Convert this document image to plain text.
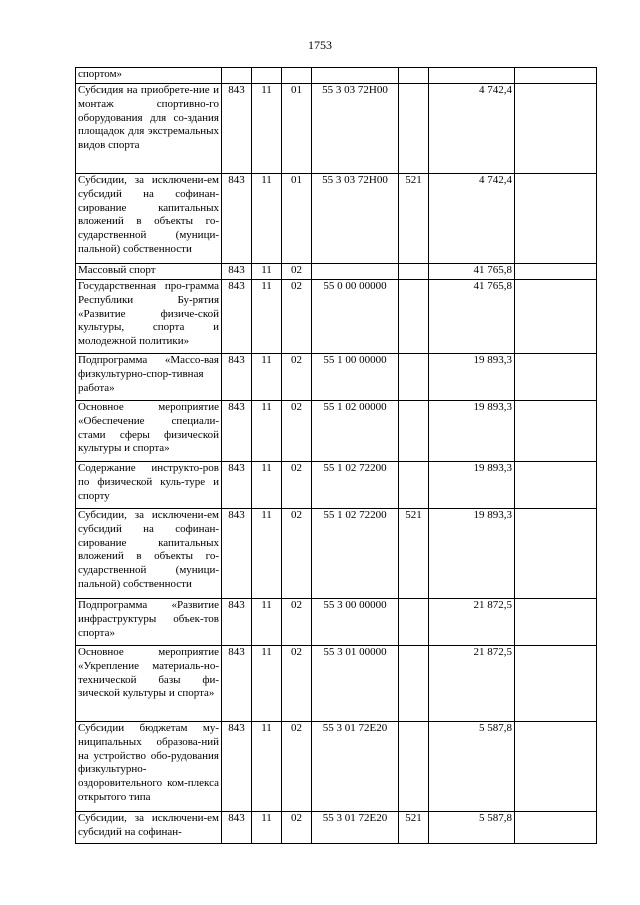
1753
спортом»							
Субсидия на приобрете-ние и монтаж спортивно-го оборудования для со-здания площадок для экстремальных видов спорта	843	11	01	55 3 03 72Н00		4 742,4	
Субсидии, за исключени-ем субсидий на софинан-сирование капитальных вложений в объекты го-сударственной (муници-пальной) собственности	843	11	01	55 3 03 72Н00	521	4 742,4	
Массовый спорт	843	11	02			41 765,8	
Государственная про-грамма Республики Бу-рятия «Развитие физиче-ской культуры, спорта и молодежной политики»	843	11	02	55 0 00 00000		41 765,8	
Подпрограмма «Массо-вая физкультурно-спор-тивная работа»	843	11	02	55 1 00 00000		19 893,3	
Основное мероприятие «Обеспечение специали-стами сферы физической культуры и спорта»	843	11	02	55 1 02 00000		19 893,3	
Содержание инструкто-ров по физической куль-туре и спорту	843	11	02	55 1 02 72200		19 893,3	
Субсидии, за исключени-ем субсидий на софинан-сирование капитальных вложений в объекты го-сударственной (муници-пальной) собственности	843	11	02	55 1 02 72200	521	19 893,3	
Подпрограмма «Развитие инфраструктуры объек-тов спорта»	843	11	02	55 3 00 00000		21 872,5	
Основное мероприятие «Укрепление материаль-но-технической базы фи-зической культуры и спорта»	843	11	02	55 3 01 00000		21 872,5	
Субсидии бюджетам му-ниципальных образова-ний на устройство обо-рудования физкультурно-оздоровительного ком-плекса открытого типа	843	11	02	55 3 01 72Е20		5 587,8	
Субсидии, за исключени-ем субсидий на софинан-	843	11	02	55 3 01 72Е20	521	5 587,8	
